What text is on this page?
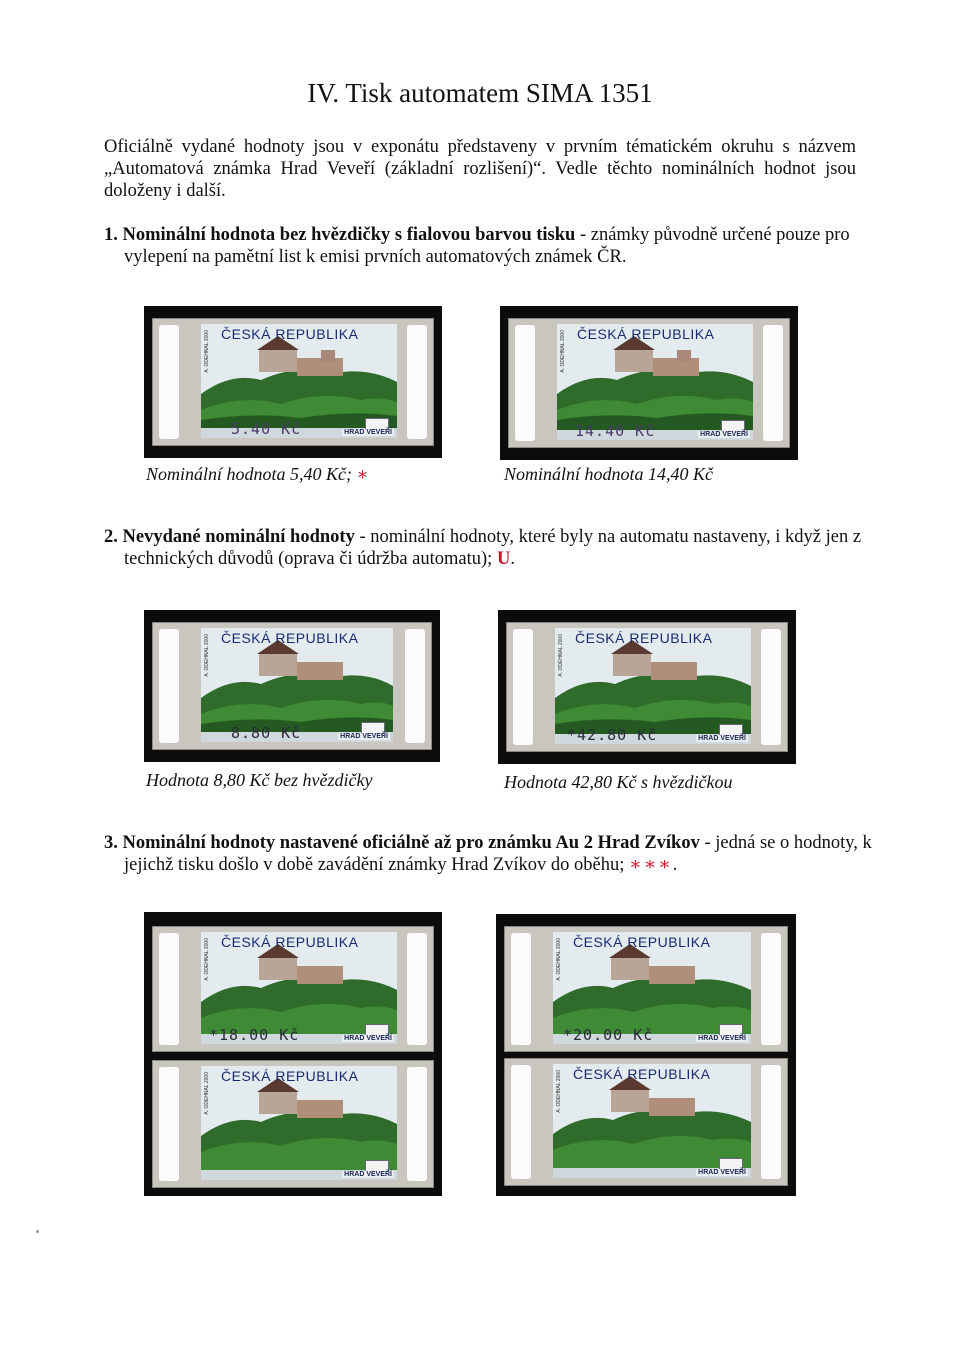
IV. Tisk automatem SIMA 1351
Oficiálně vydané hodnoty jsou v exponátu představeny v prvním tématickém okruhu s názvem „Automatová známka Hrad Veveří (základní rozlišení)“. Vedle těchto nominálních hodnot jsou doloženy i další.
1. Nominální hodnota bez hvězdičky s fialovou barvou tisku - známky původně určené pouze pro vylepení na pamětní list k emisi prvních automatových známek ČR.
ČESKÁ REPUBLIKA
A. ODEHNAL 2000
HRAD VEVEŘÍ
5.40 Kč
ČESKÁ REPUBLIKA
A. ODEHNAL 2000
HRAD VEVEŘÍ
14.40 Kč
Nominální hodnota 5,40 Kč; ∗	Nominální hodnota 14,40 Kč
2. Nevydané nominální hodnoty - nominální hodnoty, které byly na automatu nastaveny, i když jen z technických důvodů (oprava či údržba automatu); U.
ČESKÁ REPUBLIKA
A. ODEHNAL 2000
HRAD VEVEŘÍ
8.80 Kč
ČESKÁ REPUBLIKA
A. ODEHNAL 2000
HRAD VEVEŘÍ
*42.80 Kč
Hodnota 8,80 Kč bez hvězdičky	Hodnota 42,80 Kč s hvězdičkou
3. Nominální hodnoty nastavené oficiálně až pro známku Au 2 Hrad Zvíkov - jedná se o hodnoty, k jejichž tisku došlo v době zavádění známky Hrad Zvíkov do oběhu; ∗∗∗.
ČESKÁ REPUBLIKA
A. ODEHNAL 2000
HRAD VEVEŘÍ
*18.00 Kč
ČESKÁ REPUBLIKA
A. ODEHNAL 2000
HRAD VEVEŘÍ
ČESKÁ REPUBLIKA
A. ODEHNAL 2000
HRAD VEVEŘÍ
*20.00 Kč
ČESKÁ REPUBLIKA
A. ODEHNAL 2000
HRAD VEVEŘÍ
